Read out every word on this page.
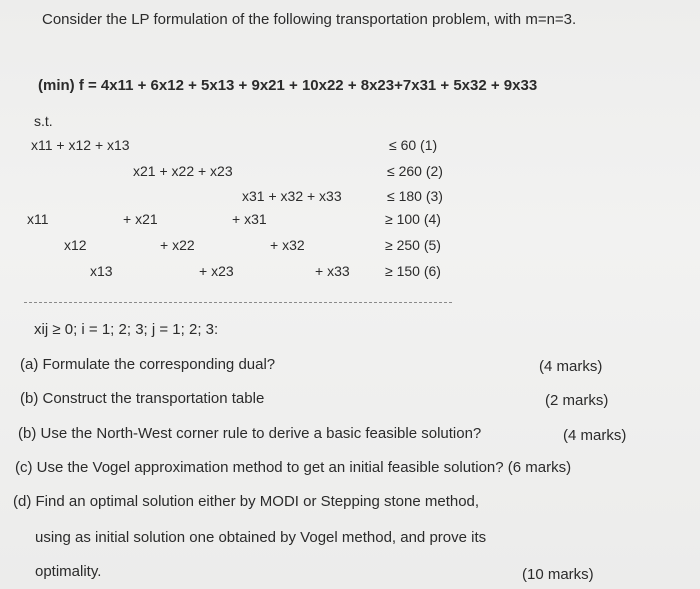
Consider the LP formulation of the following transportation problem, with m=n=3.
(min) f = 4x11 + 6x12 + 5x13 + 9x21 + 10x22 + 8x23+7x31 + 5x32 + 9x33
s.t.
x11 + x12 + x13	≤ 60 (1)
x21 + x22 + x23	≤ 260 (2)
x31 + x32 + x33	≤ 180 (3)
x11	+ x21	+ x31	≥ 100 (4)
x12	+ x22	+ x32	≥ 250 (5)
x13	+ x23	+ x33	≥ 150 (6)
xij ≥ 0; i = 1; 2; 3; j = 1; 2; 3:
(a) Formulate the corresponding dual?	(4 marks)
(b) Construct the transportation table	(2 marks)
(b) Use the North-West corner rule to derive a basic feasible solution?	(4 marks)
(c) Use the Vogel approximation method to get an initial feasible solution? (6 marks)
(d) Find an optimal solution either by MODI or Stepping stone method,
using as initial solution one obtained by Vogel method, and prove its
optimality.	(10 marks)
